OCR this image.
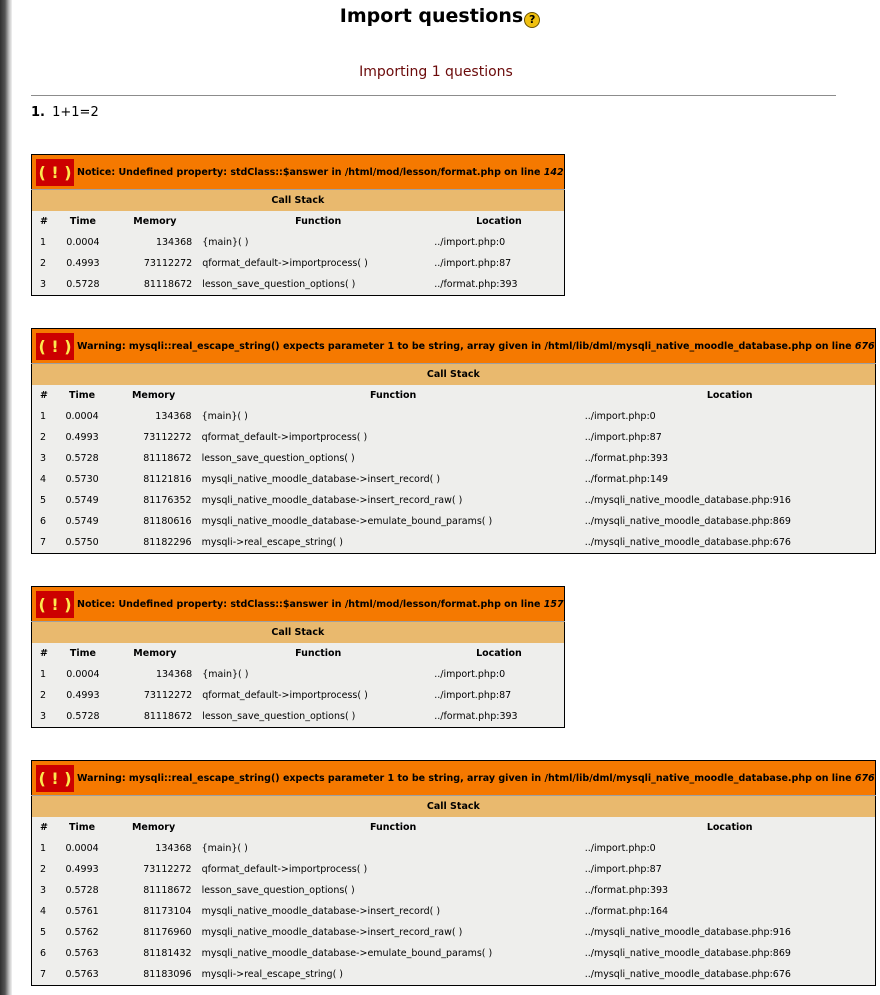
Import questions ?
Importing 1 questions
1. 1+1=2
( ! ) Notice: Undefined property: stdClass::$answer in /html/mod/lesson/format.php on line 142				
Call Stack				
#	Time	Memory	Function	Location
1	0.0004	134368	{main}( )	../import.php:0
2	0.4993	73112272	qformat_default->importprocess( )	../import.php:87
3	0.5728	81118672	lesson_save_question_options( )	../format.php:393
( ! ) Warning: mysqli::real_escape_string() expects parameter 1 to be string, array given in /html/lib/dml/mysqli_native_moodle_database.php on line 676				
Call Stack				
#	Time	Memory	Function	Location
1	0.0004	134368	{main}( )	../import.php:0
2	0.4993	73112272	qformat_default->importprocess( )	../import.php:87
3	0.5728	81118672	lesson_save_question_options( )	../format.php:393
4	0.5730	81121816	mysqli_native_moodle_database->insert_record( )	../format.php:149
5	0.5749	81176352	mysqli_native_moodle_database->insert_record_raw( )	../mysqli_native_moodle_database.php:916
6	0.5749	81180616	mysqli_native_moodle_database->emulate_bound_params( )	../mysqli_native_moodle_database.php:869
7	0.5750	81182296	mysqli->real_escape_string( )	../mysqli_native_moodle_database.php:676
( ! ) Notice: Undefined property: stdClass::$answer in /html/mod/lesson/format.php on line 157				
Call Stack				
#	Time	Memory	Function	Location
1	0.0004	134368	{main}( )	../import.php:0
2	0.4993	73112272	qformat_default->importprocess( )	../import.php:87
3	0.5728	81118672	lesson_save_question_options( )	../format.php:393
( ! ) Warning: mysqli::real_escape_string() expects parameter 1 to be string, array given in /html/lib/dml/mysqli_native_moodle_database.php on line 676				
Call Stack				
#	Time	Memory	Function	Location
1	0.0004	134368	{main}( )	../import.php:0
2	0.4993	73112272	qformat_default->importprocess( )	../import.php:87
3	0.5728	81118672	lesson_save_question_options( )	../format.php:393
4	0.5761	81173104	mysqli_native_moodle_database->insert_record( )	../format.php:164
5	0.5762	81176960	mysqli_native_moodle_database->insert_record_raw( )	../mysqli_native_moodle_database.php:916
6	0.5763	81181432	mysqli_native_moodle_database->emulate_bound_params( )	../mysqli_native_moodle_database.php:869
7	0.5763	81183096	mysqli->real_escape_string( )	../mysqli_native_moodle_database.php:676
